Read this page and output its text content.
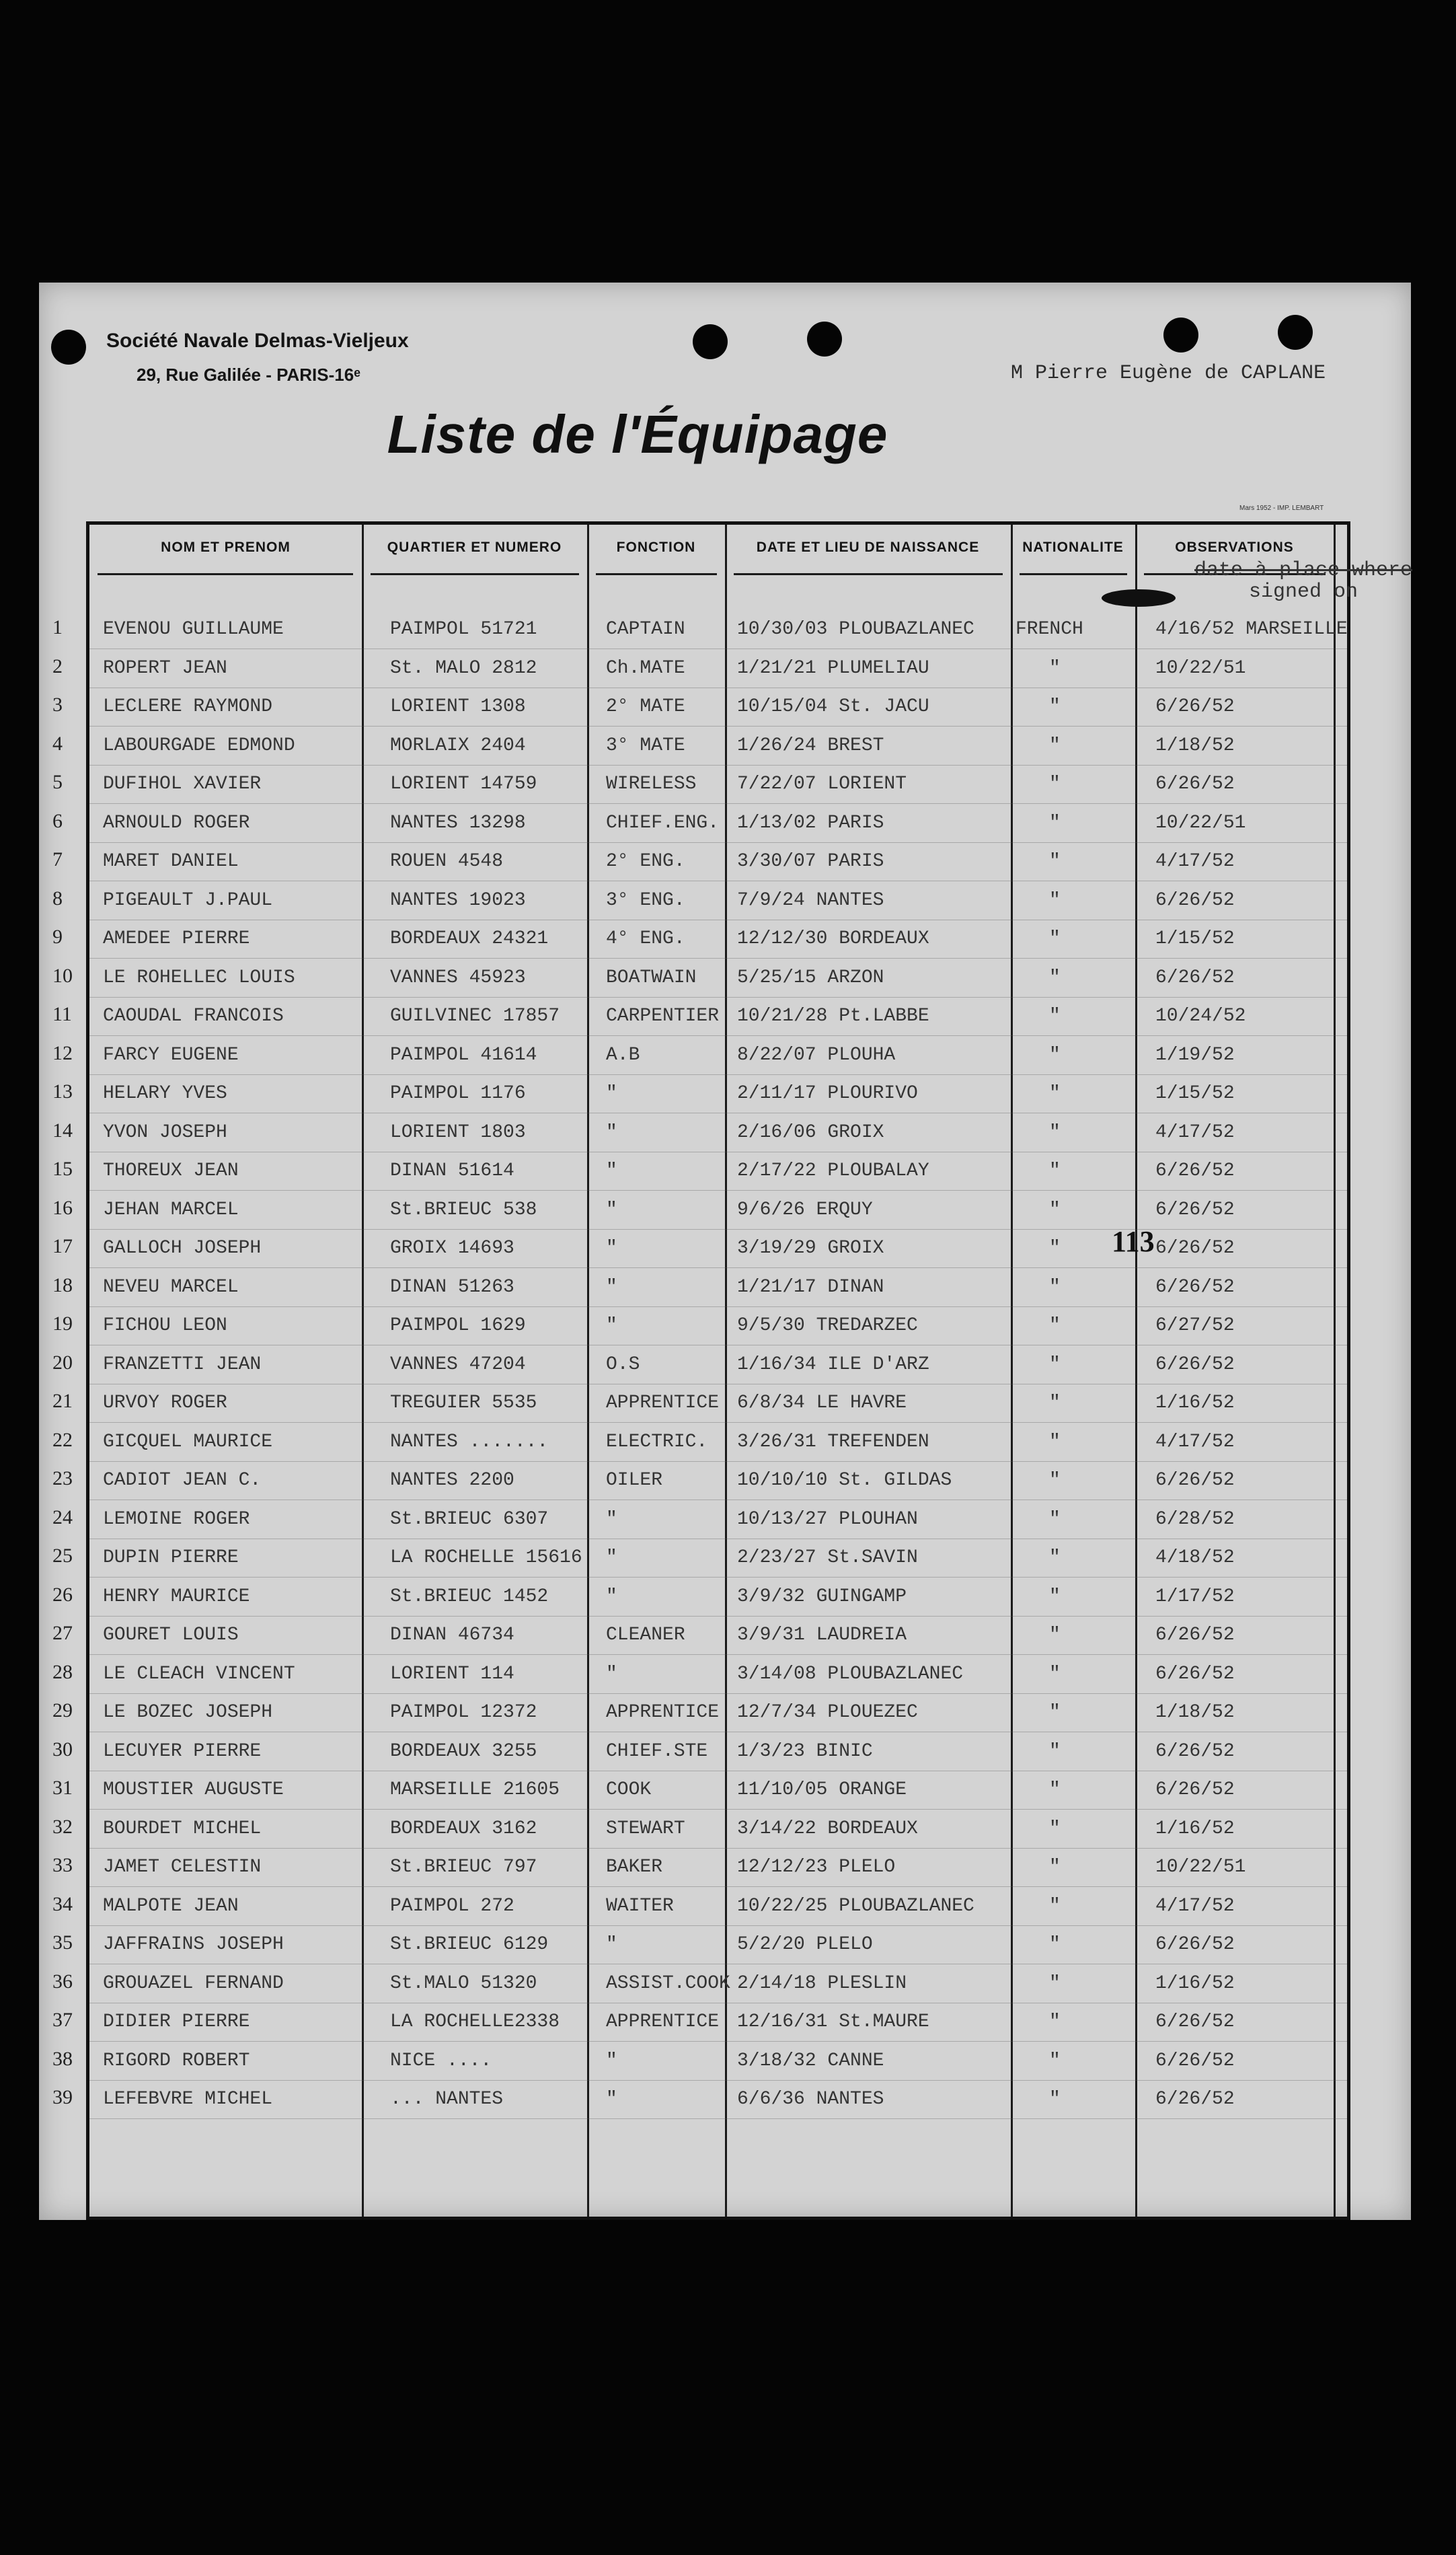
Société Navale Delmas-Vieljeux
29, Rue Galilée - PARIS-16ᵉ	M Pierre Eugène de CAPLANE
Liste de l'Équipage
Mars 1952 - IMP. LEMBART
NOM ET PRENOM	QUARTIER ET NUMERO	FONCTION	DATE ET LIEU DE NAISSANCE	NATIONALITE	OBSERVATIONS
date à place where
signed on
113
1 EVENOU GUILLAUME	PAIMPOL 51721	CAPTAIN	10/30/03 PLOUBAZLANEC FRENCH	4/16/52 MARSEILLE
2 ROPERT JEAN	St. MALO 2812	Ch.MATE	1/21/21 PLUMELIAU	"	10/22/51
3 LECLERE RAYMOND	LORIENT 1308	2° MATE	10/15/04 St. JACU	"	6/26/52
4 LABOURGADE EDMOND	MORLAIX 2404	3° MATE	1/26/24 BREST	"	1/18/52
5 DUFIHOL XAVIER	LORIENT 14759	WIRELESS 7/22/07 LORIENT	"	6/26/52
6 ARNOULD ROGER	NANTES 13298	CHIEF.ENG. 1/13/02 PARIS	"	10/22/51
7 MARET DANIEL	ROUEN 4548	2° ENG.	3/30/07 PARIS	"	4/17/52
8 PIGEAULT J.PAUL	NANTES 19023	3° ENG.	7/9/24 NANTES	"	6/26/52
9 AMEDEE PIERRE	BORDEAUX 24321	4° ENG.	12/12/30 BORDEAUX	"	1/15/52
10 LE ROHELLEC LOUIS	VANNES 45923	BOATWAIN 5/25/15 ARZON	"	6/26/52
11 CAOUDAL FRANCOIS	GUILVINEC 17857 CARPENTIER 10/21/28 Pt.LABBE	"	10/24/52
12 FARCY EUGENE	PAIMPOL 41614	A.B	8/22/07 PLOUHA	"	1/19/52
13 HELARY YVES	PAIMPOL 1176	"	2/11/17 PLOURIVO	"	1/15/52
14 YVON JOSEPH	LORIENT 1803	"	2/16/06 GROIX	"	4/17/52
15 THOREUX JEAN	DINAN 51614	"	2/17/22 PLOUBALAY	"	6/26/52
16 JEHAN MARCEL	St.BRIEUC 538	"	9/6/26 ERQUY	"	6/26/52
17 GALLOCH JOSEPH	GROIX 14693	"	3/19/29 GROIX	"	6/26/52
18 NEVEU MARCEL	DINAN 51263	"	1/21/17 DINAN	"	6/26/52
19 FICHOU LEON	PAIMPOL 1629	"	9/5/30 TREDARZEC	"	6/27/52
20 FRANZETTI JEAN	VANNES 47204	O.S	1/16/34 ILE D'ARZ	"	6/26/52
21 URVOY ROGER	TREGUIER 5535	APPRENTICE 6/8/34 LE HAVRE	"	1/16/52
22 GICQUEL MAURICE	NANTES .......	ELECTRIC. 3/26/31 TREFENDEN	"	4/17/52
23 CADIOT JEAN C.	NANTES 2200	OILER	10/10/10 St. GILDAS	"	6/26/52
24 LEMOINE ROGER	St.BRIEUC 6307	"	10/13/27 PLOUHAN	"	6/28/52
25 DUPIN PIERRE	LA ROCHELLE 15616 "	2/23/27 St.SAVIN	"	4/18/52
26 HENRY MAURICE	St.BRIEUC 1452	"	3/9/32 GUINGAMP	"	1/17/52
27 GOURET LOUIS	DINAN 46734	CLEANER	3/9/31 LAUDREIA	"	6/26/52
28 LE CLEACH VINCENT	LORIENT 114	"	3/14/08 PLOUBAZLANEC	"	6/26/52
29 LE BOZEC JOSEPH	PAIMPOL 12372	APPRENTICE 12/7/34 PLOUEZEC	"	1/18/52
30 LECUYER PIERRE	BORDEAUX 3255	CHIEF.STE 1/3/23 BINIC	"	6/26/52
31 MOUSTIER AUGUSTE	MARSEILLE 21605 COOK	11/10/05 ORANGE	"	6/26/52
32 BOURDET MICHEL	BORDEAUX 3162	STEWART	3/14/22 BORDEAUX	"	1/16/52
33 JAMET CELESTIN	St.BRIEUC 797	BAKER	12/12/23 PLELO	"	10/22/51
34 MALPOTE JEAN	PAIMPOL 272	WAITER	10/22/25 PLOUBAZLANEC	"	4/17/52
35 JAFFRAINS JOSEPH	St.BRIEUC 6129	"	5/2/20 PLELO	"	6/26/52
36 GROUAZEL FERNAND	St.MALO 51320	ASSIST.COOK 2/14/18 PLESLIN	"	1/16/52
37 DIDIER PIERRE	LA ROCHELLE2338 APPRENTICE 12/16/31 St.MAURE	"	6/26/52
38 RIGORD ROBERT	NICE ....	"	3/18/32 CANNE	"	6/26/52
39 LEFEBVRE MICHEL	... NANTES	"	6/6/36 NANTES	"	6/26/52
